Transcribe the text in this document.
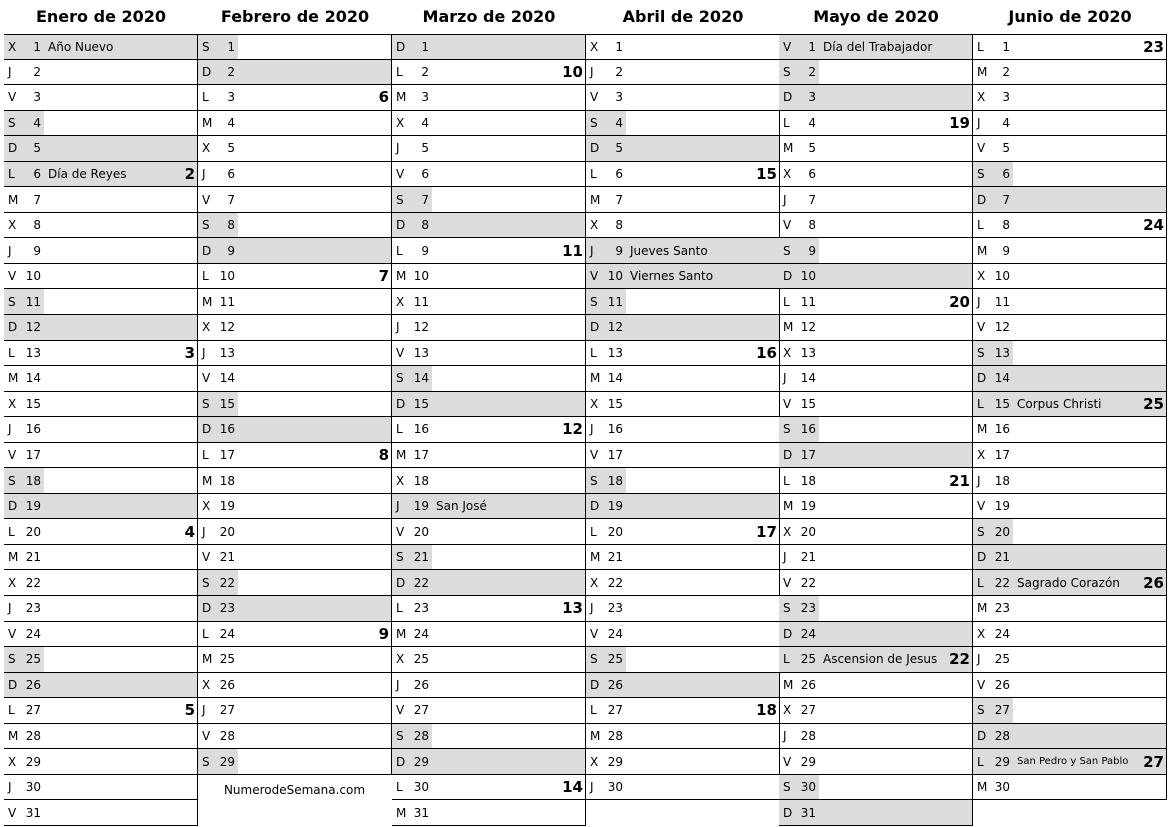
Enero de 2020
X	1 Año Nuevo
J	2
V	3
S	4
D	5
L	6 Día de Reyes	2
M	7
X	8
J	9
V 10
S 11
D 12
L 13	3
M 14
X 15
J	16
V 17
S 18
D 19
L 20	4
M 21
X 22
J	23
V 24
S 25
D 26
L 27	5
M 28
X 29
J	30
V 31
Febrero de 2020
S	1
D	2
L	3	6
M	4
X	5
J	6
V	7
S	8
D	9
L 10	7
M 11
X 12
J	13
V 14
S 15
D 16
L 17	8
M 18
X 19
J	20
V 21
S 22
D 23
L 24	9
M 25
X 26
J	27
V 28
S 29
Marzo de 2020
D	1
L	2	10
M	3
X	4
J	5
V	6
S	7
D	8
L	9	11
M 10
X 11
J	12
V 13
S 14
D 15
L 16	12
M 17
X 18
J	19 San José
V 20
S 21
D 22
L 23	13
M 24
X 25
J	26
V 27
S 28
D 29
L 30	14
M 31
Abril de 2020
X	1
J	2
V	3
S	4
D	5
L	6	15
M	7
X	8
J	9 Jueves Santo
V 10 Viernes Santo
S 11
D 12
L 13	16
M 14
X 15
J	16
V 17
S 18
D 19
L 20	17
M 21
X 22
J	23
V 24
S 25
D 26
L 27	18
M 28
X 29
J	30
Mayo de 2020
V	1 Día del Trabajador
S	2
D	3
L	4	19
M	5
X	6
J	7
V	8
S	9
D 10
L 11	20
M 12
X 13
J	14
V 15
S 16
D 17
L 18	21
M 19
X 20
J	21
V 22
S 23
D 24
L 25 Ascension de Jesus 22
M 26
X 27
J	28
V 29
S 30
D 31
Junio de 2020
L	1	23
M	2
X	3
J	4
V	5
S	6
D	7
L	8	24
M	9
X 10
J	11
V 12
S 13
D 14
L 15 Corpus Christi	25
M 16
X 17
J	18
V 19
S 20
D 21
L 22 Sagrado Corazón 26
M 23
X 24
J	25
V 26
S 27
D 28
L 29 San Pedro y San Pablo 27
M 30
NumerodeSemana.com
